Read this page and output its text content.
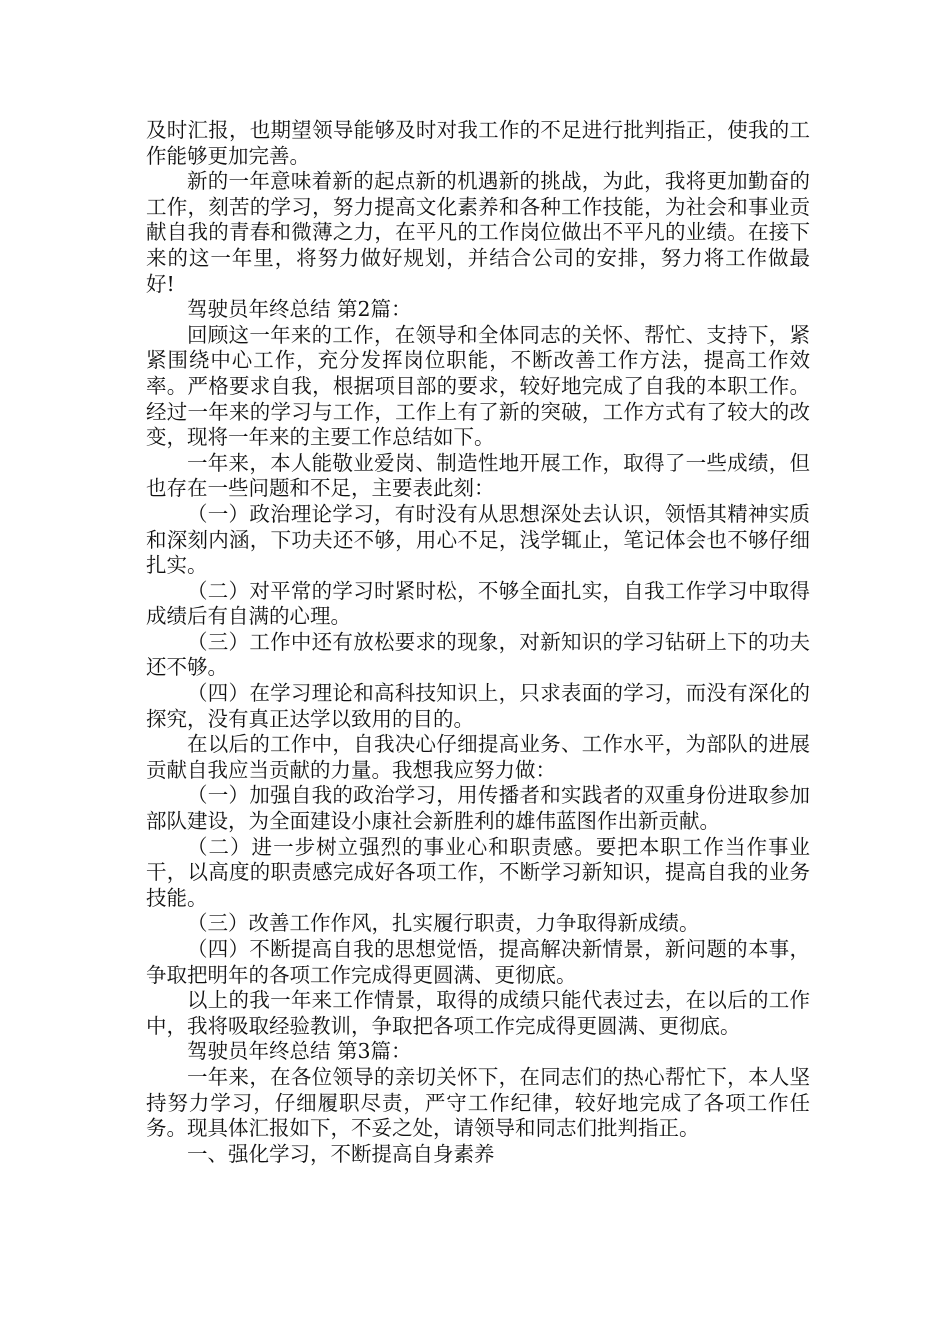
及时汇报，也期望领导能够及时对我工作的不足进行批判指正，使我的工作能够更加完善。

新的一年意味着新的起点新的机遇新的挑战，为此，我将更加勤奋的工作，刻苦的学习，努力提高文化素养和各种工作技能，为社会和事业贡献自我的青春和微薄之力，在平凡的工作岗位做出不平凡的业绩。在接下来的这一年里，将努力做好规划，并结合公司的安排，努力将工作做最好!

驾驶员年终总结 第2篇：

回顾这一年来的工作，在领导和全体同志的关怀、帮忙、支持下，紧紧围绕中心工作，充分发挥岗位职能，不断改善工作方法，提高工作效率。严格要求自我，根据项目部的要求，较好地完成了自我的本职工作。经过一年来的学习与工作，工作上有了新的突破，工作方式有了较大的改变，现将一年来的主要工作总结如下。

一年来，本人能敬业爱岗、制造性地开展工作，取得了一些成绩，但也存在一些问题和不足，主要表此刻：

（一）政治理论学习，有时没有从思想深处去认识，领悟其精神实质和深刻内涵，下功夫还不够，用心不足，浅学辄止，笔记体会也不够仔细扎实。

（二）对平常的学习时紧时松，不够全面扎实，自我工作学习中取得成绩后有自满的心理。

（三）工作中还有放松要求的现象，对新知识的学习钻研上下的功夫还不够。

（四）在学习理论和高科技知识上，只求表面的学习，而没有深化的探究，没有真正达学以致用的目的。

在以后的工作中，自我决心仔细提高业务、工作水平，为部队的进展贡献自我应当贡献的力量。我想我应努力做：

（一）加强自我的政治学习，用传播者和实践者的双重身份进取参加部队建设，为全面建设小康社会新胜利的雄伟蓝图作出新贡献。

（二）进一步树立强烈的事业心和职责感。要把本职工作当作事业干，以高度的职责感完成好各项工作，不断学习新知识，提高自我的业务技能。

（三）改善工作作风，扎实履行职责，力争取得新成绩。

（四）不断提高自我的思想觉悟，提高解决新情景，新问题的本事，争取把明年的各项工作完成得更圆满、更彻底。

以上的我一年来工作情景，取得的成绩只能代表过去，在以后的工作中，我将吸取经验教训，争取把各项工作完成得更圆满、更彻底。

驾驶员年终总结 第3篇：

一年来，在各位领导的亲切关怀下，在同志们的热心帮忙下，本人坚持努力学习，仔细履职尽责，严守工作纪律，较好地完成了各项工作任务。现具体汇报如下，不妥之处，请领导和同志们批判指正。

一、强化学习，不断提高自身素养
